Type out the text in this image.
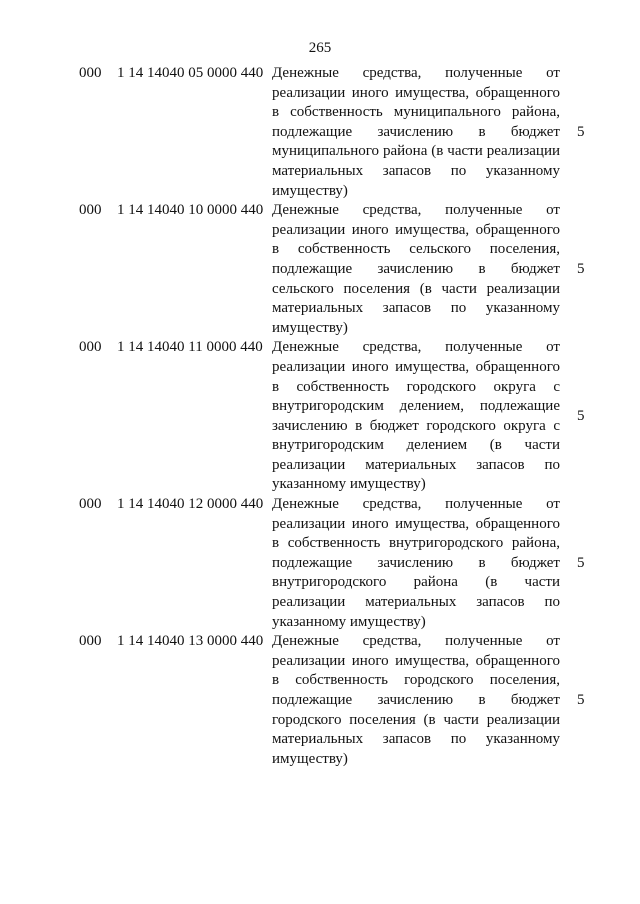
265
000 1 14 14040 05 0000 440 Денежные средства, полученные от реализации иного имущества, обращенного в собственность муниципального района, подлежащие зачислению в бюджет муниципального района (в части реализации материальных запасов по указанному имуществу)
5
000 1 14 14040 10 0000 440 Денежные средства, полученные от реализации иного имущества, обращенного в собственность сельского поселения, подлежащие зачислению в бюджет сельского поселения (в части реализации материальных запасов по указанному имуществу)
5
000 1 14 14040 11 0000 440 Денежные средства, полученные от реализации иного имущества, обращенного в собственность городского округа с внутригородским делением, подлежащие зачислению в бюджет городского округа с внутригородским делением (в части реализации материальных запасов по указанному имуществу)
5
000 1 14 14040 12 0000 440 Денежные средства, полученные от реализации иного имущества, обращенного в собственность внутригородского района, подлежащие зачислению в бюджет внутригородского района (в части реализации материальных запасов по указанному имуществу)
5
000 1 14 14040 13 0000 440 Денежные средства, полученные от реализации иного имущества, обращенного в собственность городского поселения, подлежащие зачислению в бюджет городского поселения (в части реализации материальных запасов по указанному имуществу)
5
